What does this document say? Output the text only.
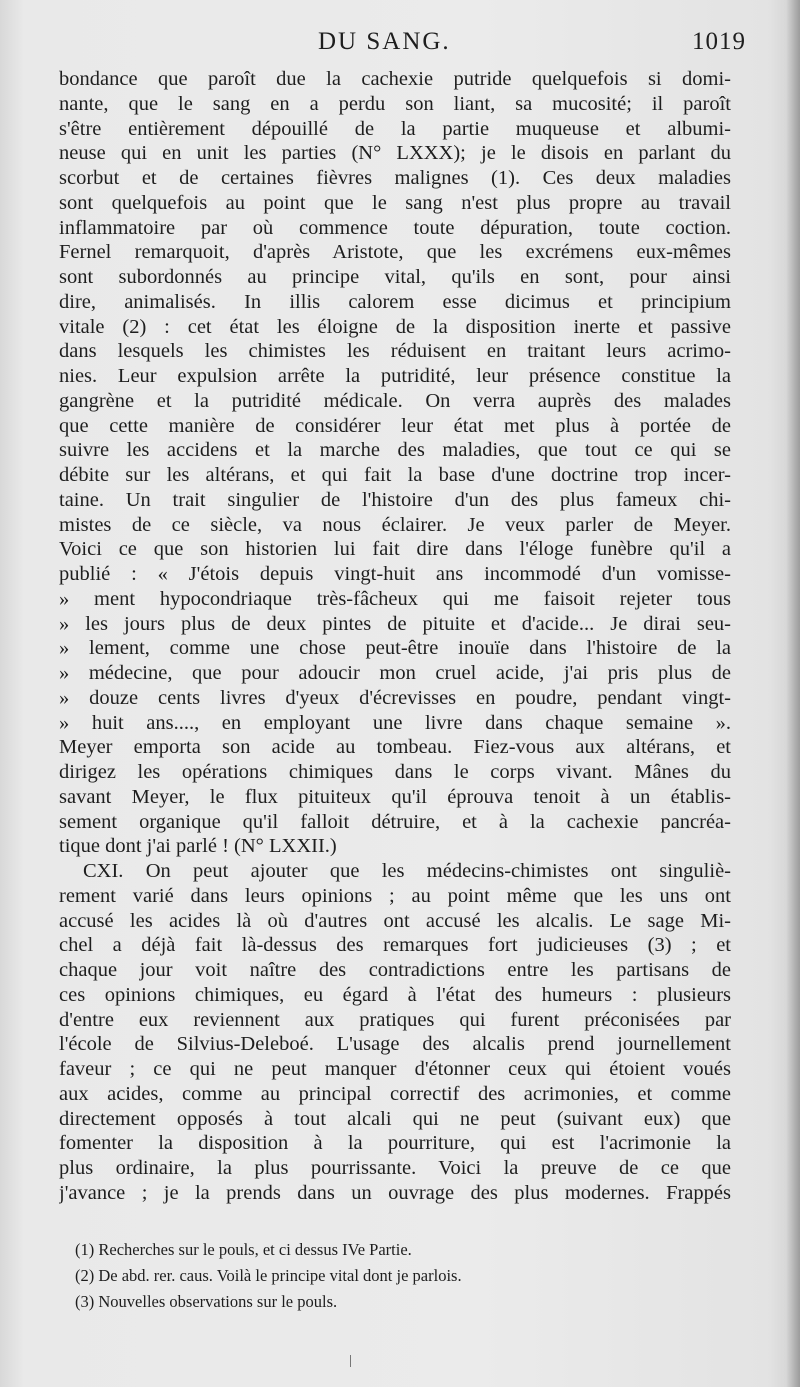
DU SANG.	1019
bondance que paroît due la cachexie putride quelquefois si domi-
nante, que le sang en a perdu son liant, sa mucosité; il paroît
s'être entièrement dépouillé de la partie muqueuse et albumi-
neuse qui en unit les parties (N° LXXX); je le disois en parlant du
scorbut et de certaines fièvres malignes (1). Ces deux maladies
sont quelquefois au point que le sang n'est plus propre au travail
inflammatoire par où commence toute dépuration, toute coction.
Fernel remarquoit, d'après Aristote, que les excrémens eux-mêmes
sont subordonnés au principe vital, qu'ils en sont, pour ainsi
dire, animalisés. In illis calorem esse dicimus et principium
vitale (2) : cet état les éloigne de la disposition inerte et passive
dans lesquels les chimistes les réduisent en traitant leurs acrimo-
nies. Leur expulsion arrête la putridité, leur présence constitue la
gangrène et la putridité médicale. On verra auprès des malades
que cette manière de considérer leur état met plus à portée de
suivre les accidens et la marche des maladies, que tout ce qui se
débite sur les altérans, et qui fait la base d'une doctrine trop incer-
taine. Un trait singulier de l'histoire d'un des plus fameux chi-
mistes de ce siècle, va nous éclairer. Je veux parler de Meyer.
Voici ce que son historien lui fait dire dans l'éloge funèbre qu'il a
publié : « J'étois depuis vingt-huit ans incommodé d'un vomisse-
» ment hypocondriaque très-fâcheux qui me faisoit rejeter tous
» les jours plus de deux pintes de pituite et d'acide... Je dirai seu-
» lement, comme une chose peut-être inouïe dans l'histoire de la
» médecine, que pour adoucir mon cruel acide, j'ai pris plus de
» douze cents livres d'yeux d'écrevisses en poudre, pendant vingt-
» huit ans...., en employant une livre dans chaque semaine ».
Meyer emporta son acide au tombeau. Fiez-vous aux altérans, et
dirigez les opérations chimiques dans le corps vivant. Mânes du
savant Meyer, le flux pituiteux qu'il éprouva tenoit à un établis-
sement organique qu'il falloit détruire, et à la cachexie pancréa-
tique dont j'ai parlé ! (N° LXXII.)
CXI. On peut ajouter que les médecins-chimistes ont singuliè-
rement varié dans leurs opinions ; au point même que les uns ont
accusé les acides là où d'autres ont accusé les alcalis. Le sage Mi-
chel a déjà fait là-dessus des remarques fort judicieuses (3) ; et
chaque jour voit naître des contradictions entre les partisans de
ces opinions chimiques, eu égard à l'état des humeurs : plusieurs
d'entre eux reviennent aux pratiques qui furent préconisées par
l'école de Silvius-Deleboé. L'usage des alcalis prend journellement
faveur ; ce qui ne peut manquer d'étonner ceux qui étoient voués
aux acides, comme au principal correctif des acrimonies, et comme
directement opposés à tout alcali qui ne peut (suivant eux) que
fomenter la disposition à la pourriture, qui est l'acrimonie la
plus ordinaire, la plus pourrissante. Voici la preuve de ce que
j'avance ; je la prends dans un ouvrage des plus modernes. Frappés
(1) Recherches sur le pouls, et ci dessus IVe Partie.
(2) De abd. rer. caus. Voilà le principe vital dont je parlois.
(3) Nouvelles observations sur le pouls.
